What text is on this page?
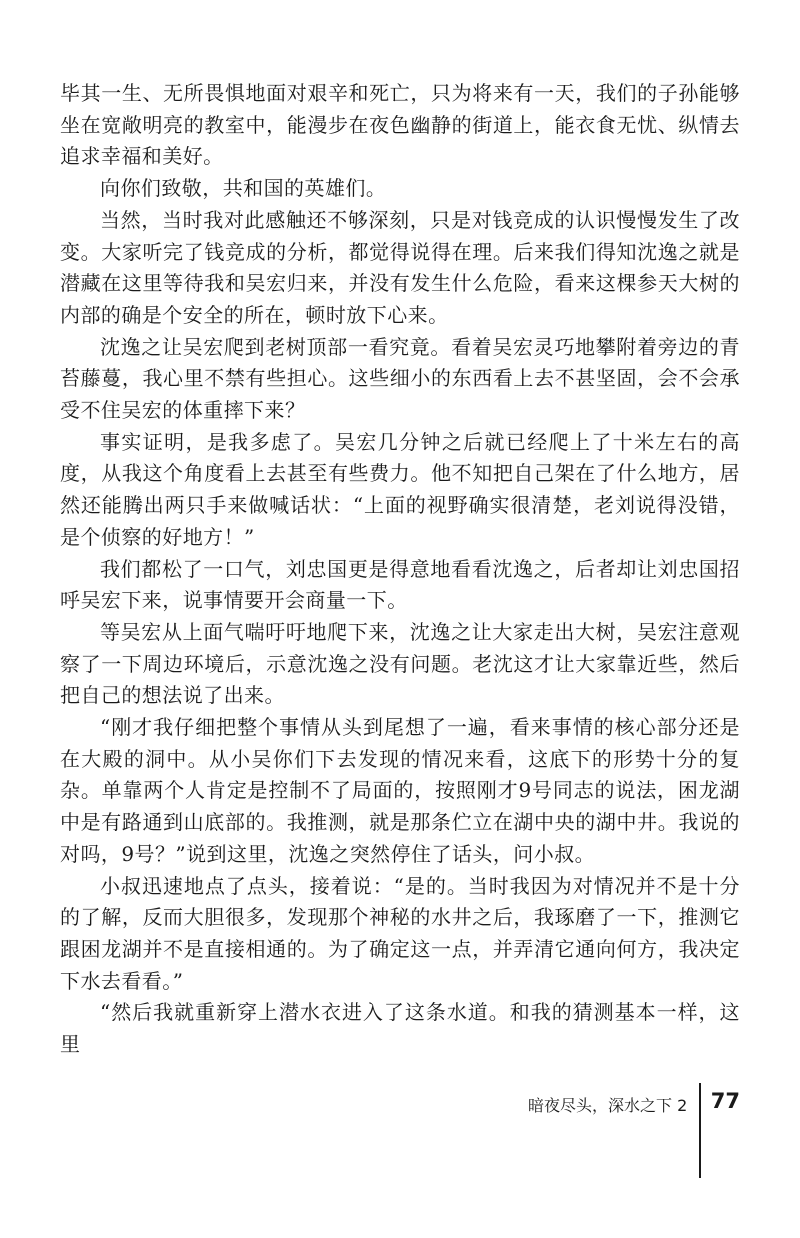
毕其一生、无所畏惧地面对艰辛和死亡，只为将来有一天，我们的子孙能够坐在宽敞明亮的教室中，能漫步在夜色幽静的街道上，能衣食无忧、纵情去追求幸福和美好。

向你们致敬，共和国的英雄们。

当然，当时我对此感触还不够深刻，只是对钱竞成的认识慢慢发生了改变。大家听完了钱竞成的分析，都觉得说得在理。后来我们得知沈逸之就是潜藏在这里等待我和吴宏归来，并没有发生什么危险，看来这棵参天大树的内部的确是个安全的所在，顿时放下心来。

沈逸之让吴宏爬到老树顶部一看究竟。看着吴宏灵巧地攀附着旁边的青苔藤蔓，我心里不禁有些担心。这些细小的东西看上去不甚坚固，会不会承受不住吴宏的体重摔下来？

事实证明，是我多虑了。吴宏几分钟之后就已经爬上了十米左右的高度，从我这个角度看上去甚至有些费力。他不知把自己架在了什么地方，居然还能腾出两只手来做喊话状：“上面的视野确实很清楚，老刘说得没错，是个侦察的好地方！”

我们都松了一口气，刘忠国更是得意地看看沈逸之，后者却让刘忠国招呼吴宏下来，说事情要开会商量一下。

等吴宏从上面气喘吁吁地爬下来，沈逸之让大家走出大树，吴宏注意观察了一下周边环境后，示意沈逸之没有问题。老沈这才让大家靠近些，然后把自己的想法说了出来。

“刚才我仔细把整个事情从头到尾想了一遍，看来事情的核心部分还是在大殿的洞中。从小吴你们下去发现的情况来看，这底下的形势十分的复杂。单靠两个人肯定是控制不了局面的，按照刚才9号同志的说法，困龙湖中是有路通到山底部的。我推测，就是那条伫立在湖中央的湖中井。我说的对吗，9号？”说到这里，沈逸之突然停住了话头，问小叔。

小叔迅速地点了点头，接着说：“是的。当时我因为对情况并不是十分的了解，反而大胆很多，发现那个神秘的水井之后，我琢磨了一下，推测它跟困龙湖并不是直接相通的。为了确定这一点，并弄清它通向何方，我决定下水去看看。”

“然后我就重新穿上潜水衣进入了这条水道。和我的猜测基本一样，这里

暗夜尽头，深水之下 2 77
